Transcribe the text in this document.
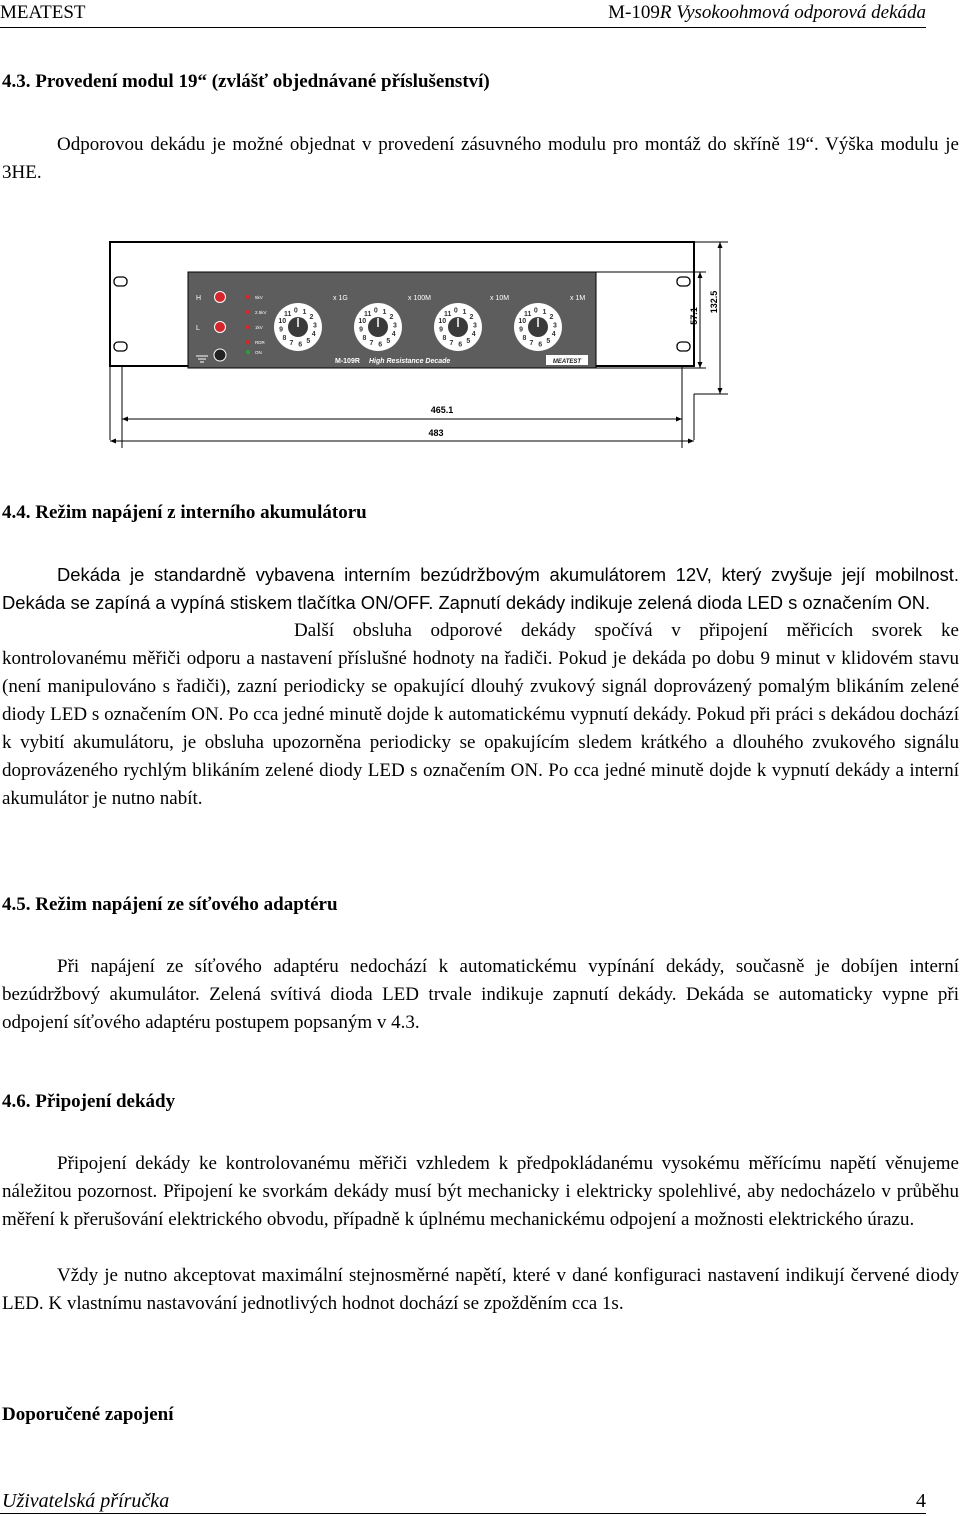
MEATEST	M-109R Vysokoohmová odporová dekáda
4.3. Provedení modul 19“ (zvlášť objednávané příslušenství)

Odporovou dekádu je možné objednat v provedení zásuvného modulu pro montáž do skříně 19“. Výška modulu je 3HE.

H
L
5kV
2.5kV
1kV
RDR
ON
x 1G	x 100M	x 10M	x 1M
0 1
2
3
4
5
6
7
8
9
10
11	0 1
2
3
4
5
6
7
8
9
10
11	0 1
2
3
4
5
6
7
8
9
10
11	0 1
2
3
4
5
6
7
8
9
10
11
M-109R High Resistance Decade	MEATEST
57.1
132.5
465.1
483
4.4. Režim napájení z interního akumulátoru

Dekáda je standardně vybavena interním bezúdržbovým akumulátorem 12V, který zvyšuje její mobilnost. Dekáda se zapíná a vypíná stiskem tlačítka ON/OFF. Zapnutí dekády indikuje zelená dioda LED s označením ON.

Další obsluha odporové dekády spočívá v připojení měřicích svorek ke kontrolovanému měřiči odporu a nastavení příslušné hodnoty na řadiči. Pokud je dekáda po dobu 9 minut v klidovém stavu (není manipulováno s řadiči), zazní periodicky se opakující dlouhý zvukový signál doprovázený pomalým blikáním zelené diody LED s označením ON. Po cca jedné minutě dojde k automatickému vypnutí dekády. Pokud při práci s dekádou dochází k vybití akumulátoru, je obsluha upozorněna periodicky se opakujícím sledem krátkého a dlouhého zvukového signálu doprovázeného rychlým blikáním zelené diody LED s označením ON. Po cca jedné minutě dojde k vypnutí dekády a interní akumulátor je nutno nabít.

4.5. Režim napájení ze síťového adaptéru

Při napájení ze síťového adaptéru nedochází k automatickému vypínání dekády, současně je dobíjen interní bezúdržbový akumulátor. Zelená svítivá dioda LED trvale indikuje zapnutí dekády. Dekáda se automaticky vypne při odpojení síťového adaptéru postupem popsaným v 4.3.

4.6. Připojení dekády

Připojení dekády ke kontrolovanému měřiči vzhledem k předpokládanému vysokému měřícímu napětí věnujeme náležitou pozornost. Připojení ke svorkám dekády musí být mechanicky i elektricky spolehlivé, aby nedocházelo v průběhu měření k přerušování elektrického obvodu, případně k úplnému mechanickému odpojení a možnosti elektrického úrazu.

Vždy je nutno akceptovat maximální stejnosměrné napětí, které v dané konfiguraci nastavení indikují červené diody LED. K vlastnímu nastavování jednotlivých hodnot dochází se zpožděním cca 1s.

Doporučené zapojení
Uživatelská příručka	4
